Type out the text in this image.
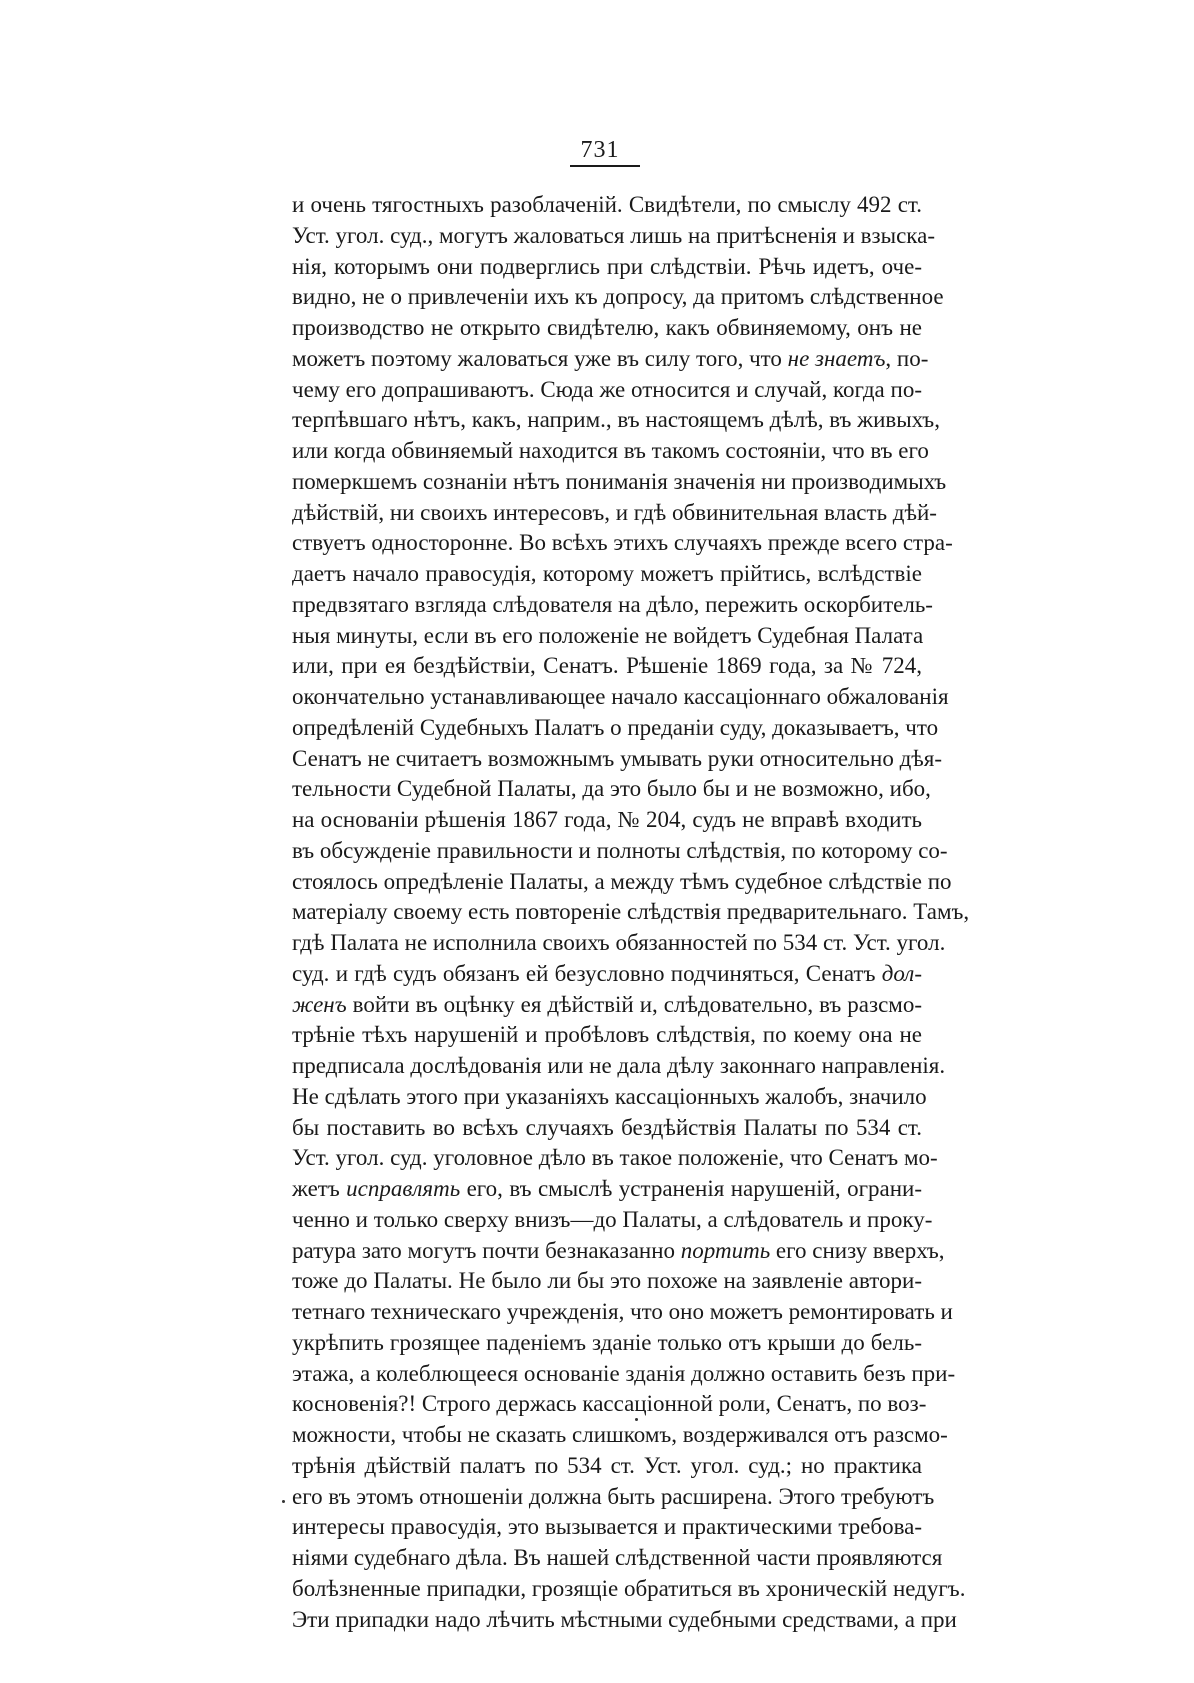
731
и очень тягостныхъ разоблаченій. Свидѣтели, по смыслу 492 ст.
Уст. угол. суд., могутъ жаловаться лишь на притѣсненія и взыска-
нія, которымъ они подверглись при слѣдствіи. Рѣчь идетъ, оче-
видно, не о привлеченіи ихъ къ допросу, да притомъ слѣдственное
производство не открыто свидѣтелю, какъ обвиняемому, онъ не
можетъ поэтому жаловаться уже въ силу того, что не знаетъ, по-
чему его допрашиваютъ. Сюда же относится и случай, когда по-
терпѣвшаго нѣтъ, какъ, наприм., въ настоящемъ дѣлѣ, въ живыхъ,
или когда обвиняемый находится въ такомъ состояніи, что въ его
померкшемъ сознаніи нѣтъ пониманія значенія ни производимыхъ
дѣйствій, ни своихъ интересовъ, и гдѣ обвинительная власть дѣй-
ствуетъ односторонне. Во всѣхъ этихъ случаяхъ прежде всего стра-
даетъ начало правосудія, которому можетъ прійтись, вслѣдствіе
предвзятаго взгляда слѣдователя на дѣло, пережить оскорбитель-
ныя минуты, если въ его положеніе не войдетъ Судебная Палата
или, при ея бездѣйствіи, Сенатъ. Рѣшеніе 1869 года, за № 724,
окончательно устанавливающее начало кассаціоннаго обжалованія
опредѣленій Судебныхъ Палатъ о преданіи суду, доказываетъ, что
Сенатъ не считаетъ возможнымъ умывать руки относительно дѣя-
тельности Судебной Палаты, да это было бы и не возможно, ибо,
на основаніи рѣшенія 1867 года, № 204, судъ не вправѣ входить
въ обсужденіе правильности и полноты слѣдствія, по которому со-
стоялось опредѣленіе Палаты, а между тѣмъ судебное слѣдствіе по
матеріалу своему есть повтореніе слѣдствія предварительнаго. Тамъ,
гдѣ Палата не исполнила своихъ обязанностей по 534 ст. Уст. угол.
суд. и гдѣ судъ обязанъ ей безусловно подчиняться, Сенатъ дол-
женъ войти въ оцѣнку ея дѣйствій и, слѣдовательно, въ разсмо-
трѣніе тѣхъ нарушеній и пробѣловъ слѣдствія, по коему она не
предписала дослѣдованія или не дала дѣлу законнаго направленія.
Не сдѣлать этого при указаніяхъ кассаціонныхъ жалобъ, значило
бы поставить во всѣхъ случаяхъ бездѣйствія Палаты по 534 ст.
Уст. угол. суд. уголовное дѣло въ такое положеніе, что Сенатъ мо-
жетъ исправлять его, въ смыслѣ устраненія нарушеній, ограни-
ченно и только сверху внизъ—до Палаты, а слѣдователь и проку-
ратура зато могутъ почти безнаказанно портить его снизу вверхъ,
тоже до Палаты. Не было ли бы это похоже на заявленіе автори-
тетнаго техническаго учрежденія, что оно можетъ ремонтировать и
укрѣпить грозящее паденіемъ зданіе только отъ крыши до бель-
этажа, а колеблющееся основаніе зданія должно оставить безъ при-
косновенія?! Строго держась кассаціонной роли, Сенатъ, по воз-
можности, чтобы не сказать слишкомъ, воздерживался отъ разсмо-
трѣнія дѣйствій палатъ по 534 ст. Уст. угол. суд.; но практика
его въ этомъ отношеніи должна быть расширена. Этого требуютъ
интересы правосудія, это вызывается и практическими требова-
ніями судебнаго дѣла. Въ нашей слѣдственной части проявляются
болѣзненные припадки, грозящіе обратиться въ хроническій недугъ.
Эти припадки надо лѣчить мѣстными судебными средствами, а при
